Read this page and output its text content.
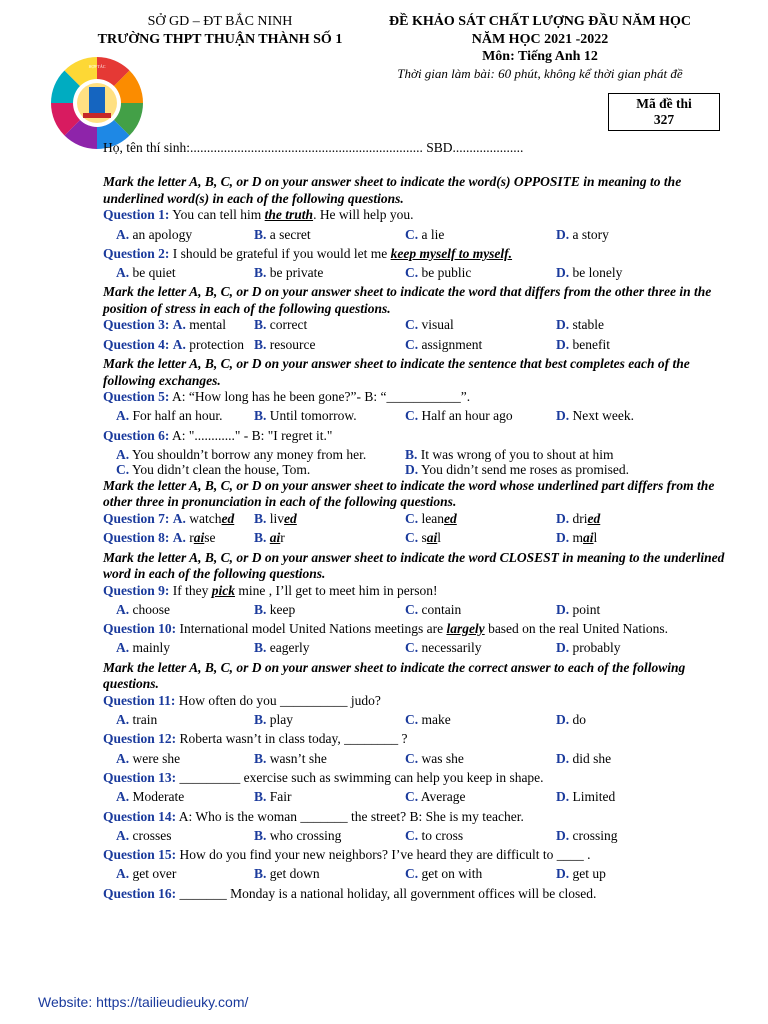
SỞ GD – ĐT BẮC NINH
TRƯỜNG THPT THUẬN THÀNH SỐ 1
ĐỀ KHẢO SÁT CHẤT LƯỢNG ĐẦU NĂM HỌC
NĂM HỌC 2021 -2022
Môn: Tiếng Anh 12
Thời gian làm bài: 60 phút, không kể thời gian phát đề
HỢP TÁC
Mã đề thi
327
Họ, tên thí sinh:..................................................................... SBD.....................
Mark the letter A, B, C, or D on your answer sheet to indicate the word(s) OPPOSITE in meaning to the underlined word(s) in each of the following questions.
Question 1: You can tell him the truth. He will help you.
A. an apology	B. a secret	C. a lie	D. a story
Question 2: I should be grateful if you would let me keep myself to myself.
A. be quiet	B. be private	C. be public	D. be lonely
Mark the letter A, B, C, or D on your answer sheet to indicate the word that differs from the other three in the position of stress in each of the following questions.
Question 3: A. mental	B. correct	C. visual	D. stable
Question 4: A. protection B. resource	C. assignment	D. benefit
Mark the letter A, B, C, or D on your answer sheet to indicate the sentence that best completes each of the following exchanges.
Question 5: A: “How long has he been gone?”- B: “___________”.
A. For half an hour.	B. Until tomorrow.	C. Half an hour ago	D. Next week.
Question 6: A: "............" - B: "I regret it."
A. You shouldn’t borrow any money from her.	B. It was wrong of you to shout at him
C. You didn’t clean the house, Tom.	D. You didn’t send me roses as promised.
Mark the letter A, B, C, or D on your answer sheet to indicate the word whose underlined part differs from the other three in pronunciation in each of the following questions.
Question 7: A. watched	B. lived	C. leaned	D. dried
Question 8: A. raise	B. air	C. sail	D. mail
Mark the letter A, B, C, or D on your answer sheet to indicate the word CLOSEST in meaning to the underlined word in each of the following questions.
Question 9: If they pick mine , I’ll get to meet him in person!
A. choose	B. keep	C. contain	D. point
Question 10: International model United Nations meetings are largely based on the real United Nations.
A. mainly	B. eagerly	C. necessarily	D. probably
Mark the letter A, B, C, or D on your answer sheet to indicate the correct answer to each of the following questions.
Question 11: How often do you __________ judo?
A. train	B. play	C. make	D. do
Question 12: Roberta wasn’t in class today, ________ ?
A. were she	B. wasn’t she	C. was she	D. did she
Question 13: _________ exercise such as swimming can help you keep in shape.
A. Moderate	B. Fair	C. Average	D. Limited
Question 14: A: Who is the woman _______ the street? B: She is my teacher.
A. crosses	B. who crossing	C. to cross	D. crossing
Question 15: How do you find your new neighbors? I’ve heard they are difficult to ____ .
A. get over	B. get down	C. get on with	D. get up
Question 16: _______ Monday is a national holiday, all government offices will be closed.
Website: https://tailieudieuky.com/
